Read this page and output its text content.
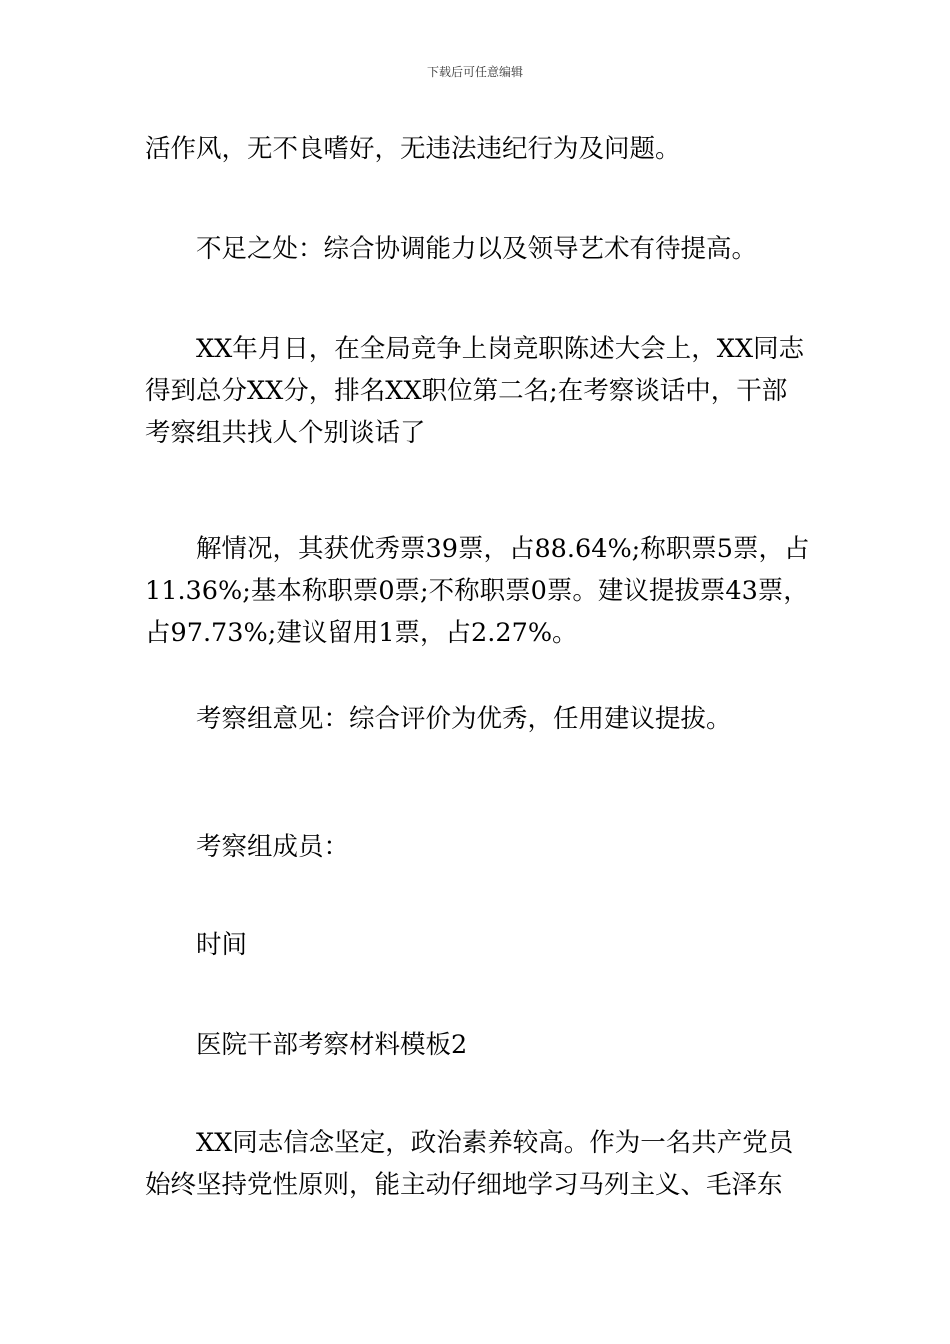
下载后可任意编辑

活作风，无不良嗜好，无违法违纪行为及问题。

不足之处：综合协调能力以及领导艺术有待提高。

XX年月日，在全局竞争上岗竞职陈述大会上，XX同志得到总分XX分，排名XX职位第二名;在考察谈话中，干部考察组共找人个别谈话了

解情况，其获优秀票39票，占88.64%;称职票5票，占11.36%;基本称职票0票;不称职票0票。建议提拔票43票，占97.73%;建议留用1票，占2.27%。

考察组意见：综合评价为优秀，任用建议提拔。

考察组成员：

时间

医院干部考察材料模板2

XX同志信念坚定，政治素养较高。作为一名共产党员始终坚持党性原则，能主动仔细地学习马列主义、毛泽东
